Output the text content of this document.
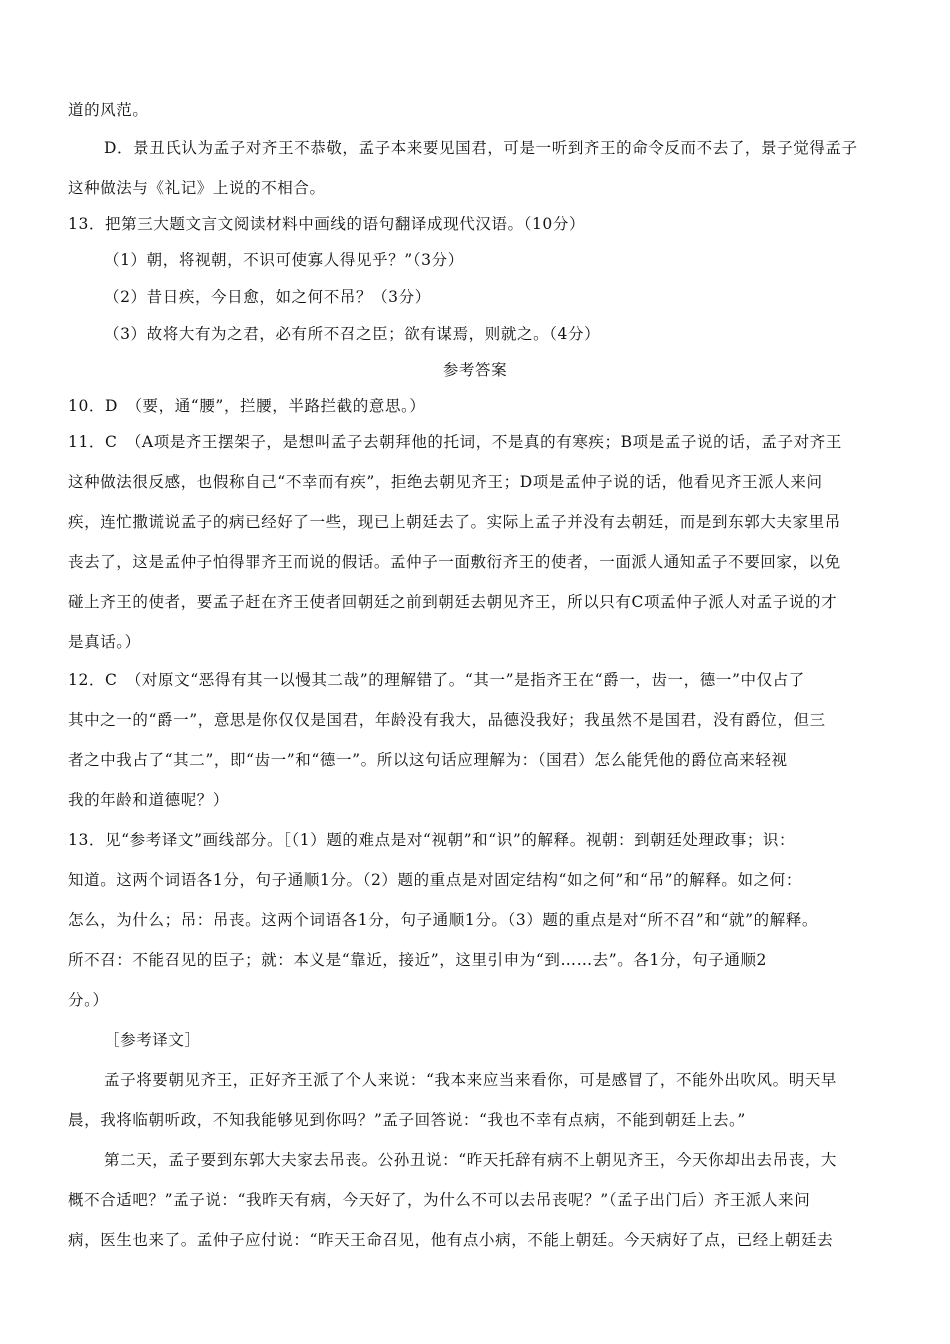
道的风范。
D．景丑氏认为孟子对齐王不恭敬，孟子本来要见国君，可是一听到齐王的命令反而不去了，景子觉得孟子
这种做法与《礼记》上说的不相合。
13．把第三大题文言文阅读材料中画线的语句翻译成现代汉语。（10分）
（1）朝，将视朝，不识可使寡人得见乎？”（3分）
（2）昔日疾，今日愈，如之何不吊？（3分）
（3）故将大有为之君，必有所不召之臣；欲有谋焉，则就之。（4分）
参考答案
10．D　（要，通“腰”，拦腰，半路拦截的意思。）
11．C　（A项是齐王摆架子，是想叫孟子去朝拜他的托词，不是真的有寒疾；B项是孟子说的话，孟子对齐王
这种做法很反感，也假称自己“不幸而有疾”，拒绝去朝见齐王；D项是孟仲子说的话，他看见齐王派人来问
疾，连忙撒谎说孟子的病已经好了一些，现已上朝廷去了。实际上孟子并没有去朝廷，而是到东郭大夫家里吊
丧去了，这是孟仲子怕得罪齐王而说的假话。孟仲子一面敷衍齐王的使者，一面派人通知孟子不要回家，以免
碰上齐王的使者，要孟子赶在齐王使者回朝廷之前到朝廷去朝见齐王，所以只有C项孟仲子派人对孟子说的才
是真话。）
12．C　（对原文“恶得有其一以慢其二哉”的理解错了。“其一”是指齐王在“爵一，齿一，德一”中仅占了
其中之一的“爵一”，意思是你仅仅是国君，年龄没有我大，品德没我好；我虽然不是国君，没有爵位，但三
者之中我占了“其二”，即“齿一”和“德一”。所以这句话应理解为：（国君）怎么能凭他的爵位高来轻视
我的年龄和道德呢？）
13．见“参考译文”画线部分。［（1）题的难点是对“视朝”和“识”的解释。视朝：到朝廷处理政事；识：
知道。这两个词语各1分，句子通顺1分。（2）题的重点是对固定结构“如之何”和“吊”的解释。如之何：
怎么，为什么；吊：吊丧。这两个词语各1分，句子通顺1分。（3）题的重点是对“所不召”和“就”的解释。
所不召：不能召见的臣子；就：本义是“靠近，接近”，这里引申为“到……去”。各1分，句子通顺2
分。）
［参考译文］
孟子将要朝见齐王，正好齐王派了个人来说：“我本来应当来看你，可是感冒了，不能外出吹风。明天早
晨，我将临朝听政，不知我能够见到你吗？”孟子回答说：“我也不幸有点病，不能到朝廷上去。”
第二天，孟子要到东郭大夫家去吊丧。公孙丑说：“昨天托辞有病不上朝见齐王，今天你却出去吊丧，大
概不合适吧？”孟子说：“我昨天有病，今天好了，为什么不可以去吊丧呢？”（孟子出门后）齐王派人来问
病，医生也来了。孟仲子应付说：“昨天王命召见，他有点小病，不能上朝廷。今天病好了点，已经上朝廷去
